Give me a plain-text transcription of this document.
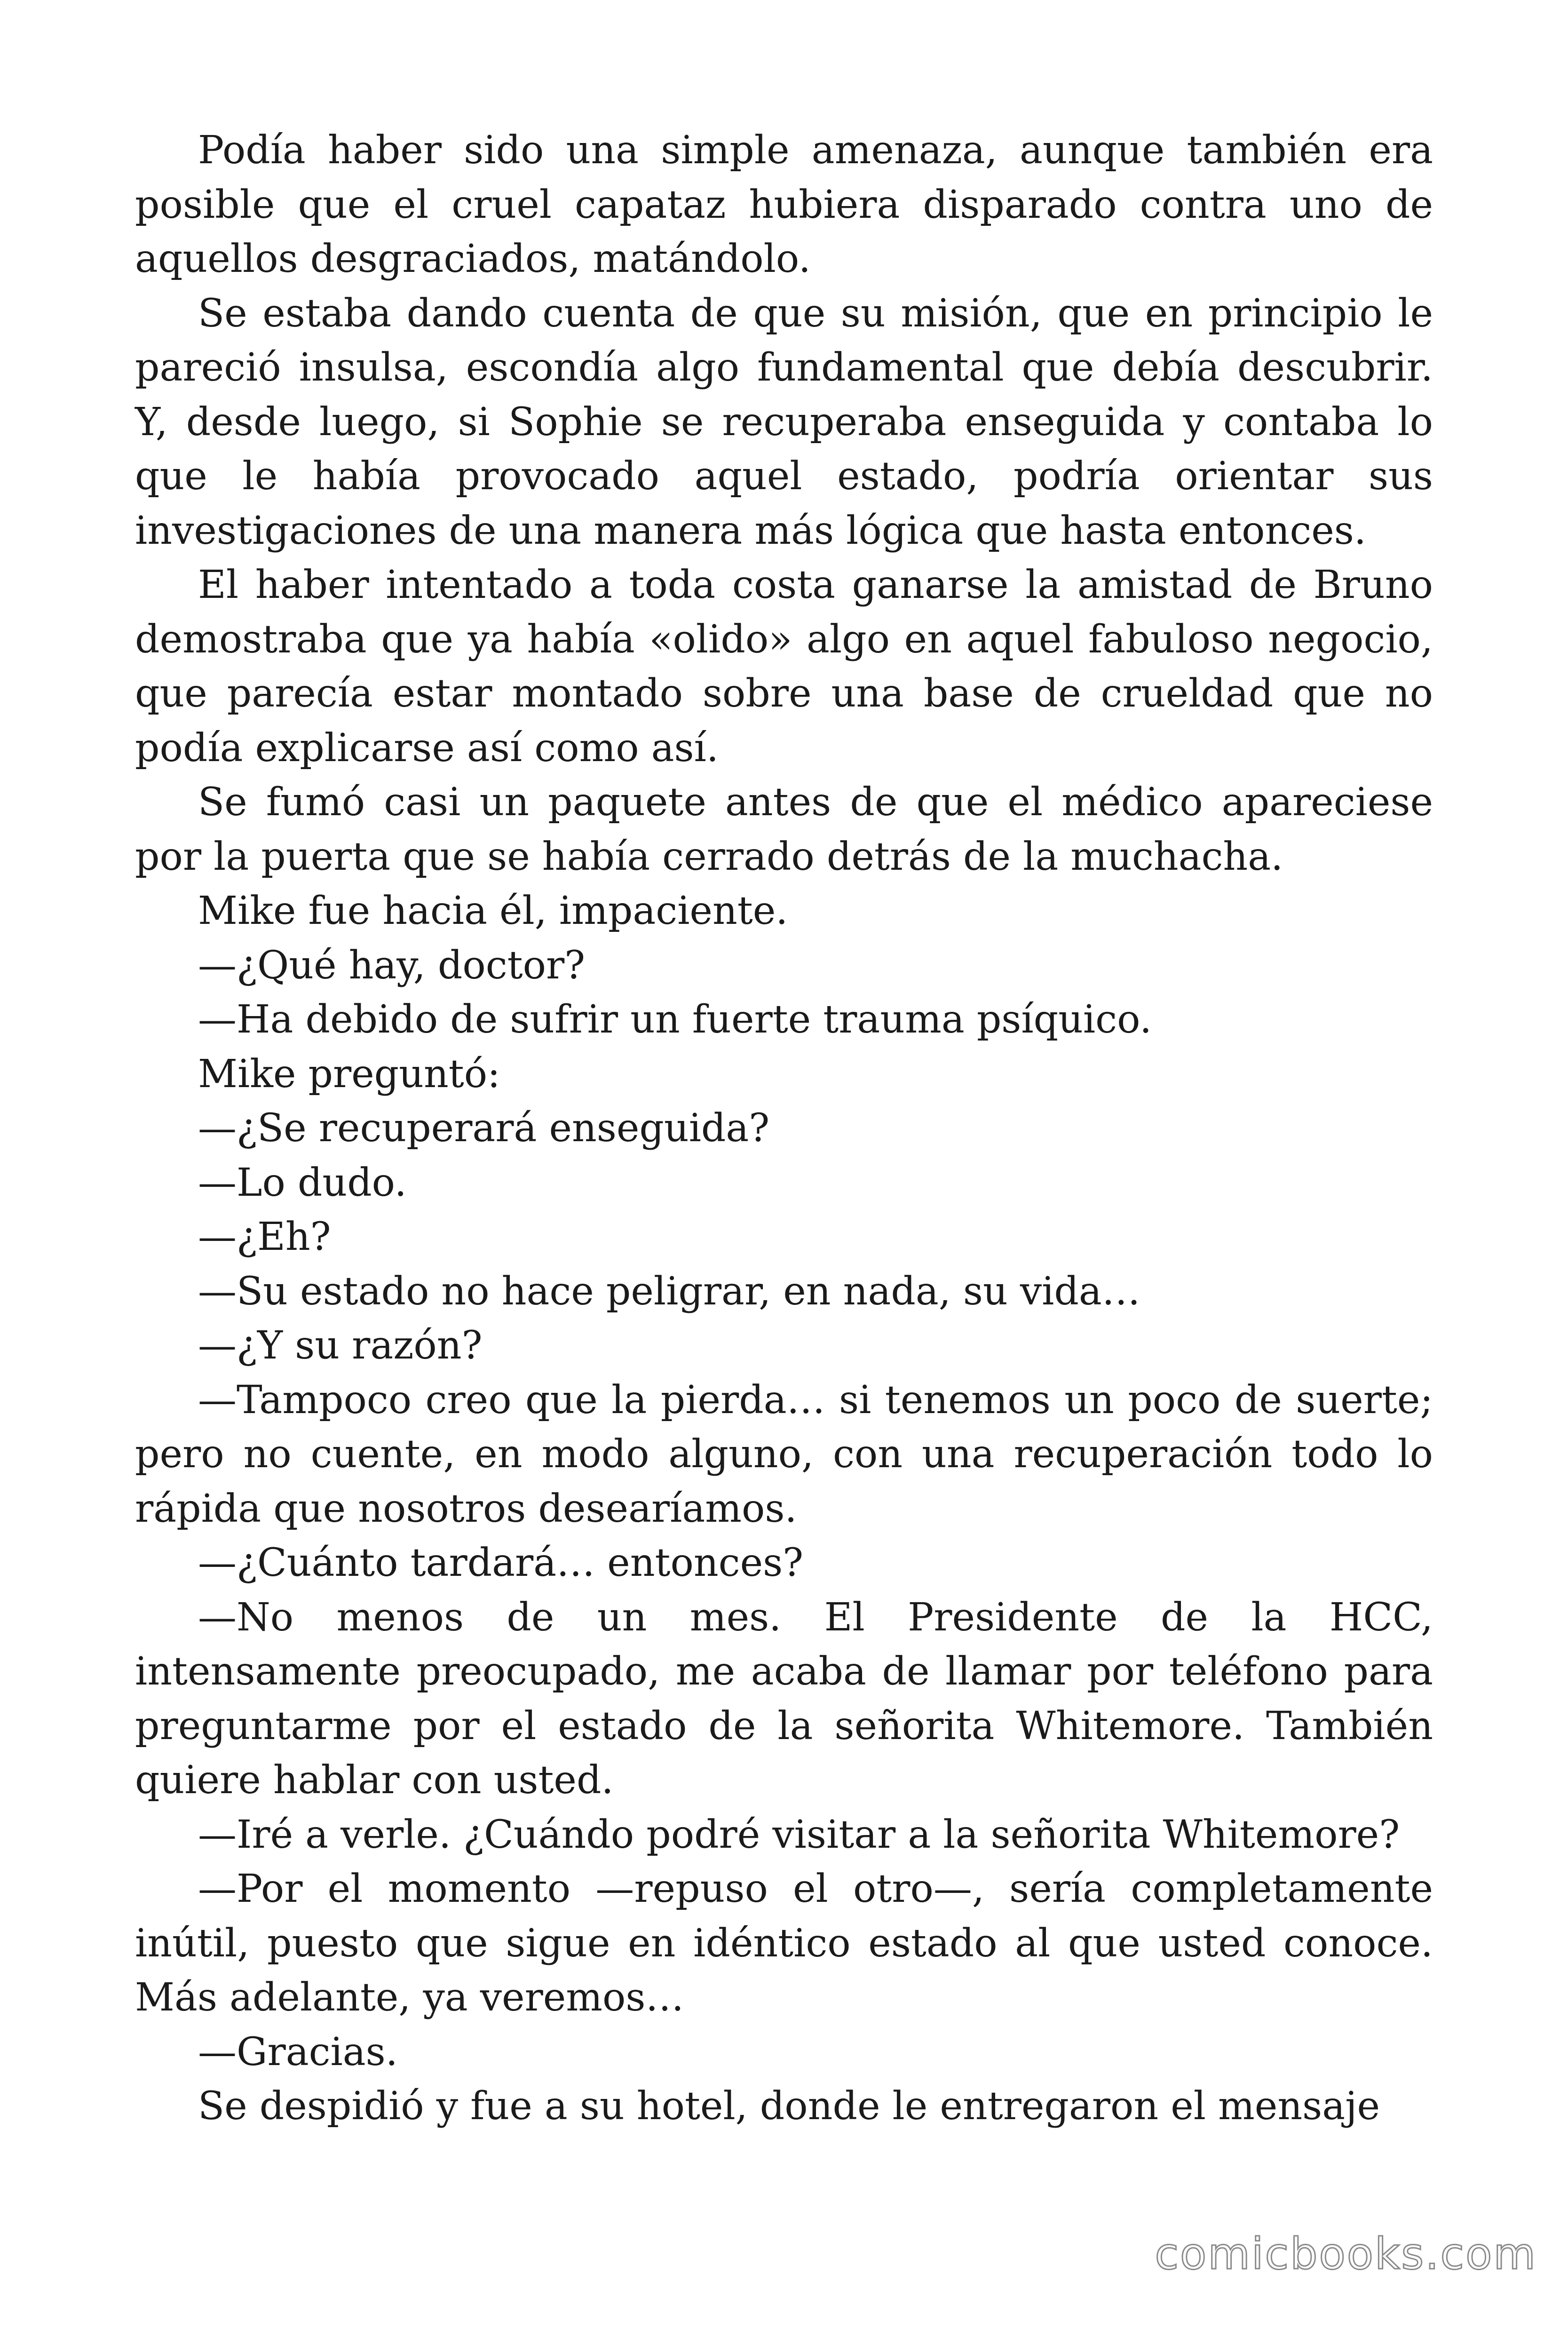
Podía haber sido una simple amenaza, aunque también era posible que el cruel capataz hubiera disparado contra uno de aquellos desgraciados, matándolo.

Se estaba dando cuenta de que su misión, que en principio le pareció insulsa, escondía algo fundamental que debía descubrir. Y, desde luego, si Sophie se recuperaba enseguida y contaba lo que le había provocado aquel estado, podría orientar sus investigaciones de una manera más lógica que hasta entonces.

El haber intentado a toda costa ganarse la amistad de Bruno demostraba que ya había «olido» algo en aquel fabuloso negocio, que parecía estar montado sobre una base de crueldad que no podía explicarse así como así.

Se fumó casi un paquete antes de que el médico apareciese por la puerta que se había cerrado detrás de la muchacha.

Mike fue hacia él, impaciente.

—¿Qué hay, doctor?

—Ha debido de sufrir un fuerte trauma psíquico.

Mike preguntó:

—¿Se recuperará enseguida?

—Lo dudo.

—¿Eh?

—Su estado no hace peligrar, en nada, su vida…

—¿Y su razón?

—Tampoco creo que la pierda… si tenemos un poco de suerte; pero no cuente, en modo alguno, con una recuperación todo lo rápida que nosotros desearíamos.

—¿Cuánto tardará… entonces?

—No menos de un mes. El Presidente de la HCC, intensamente preocupado, me acaba de llamar por teléfono para preguntarme por el estado de la señorita Whitemore. También quiere hablar con usted.

—Iré a verle. ¿Cuándo podré visitar a la señorita Whitemore?

—Por el momento —repuso el otro—, sería completamente inútil, puesto que sigue en idéntico estado al que usted conoce. Más adelante, ya veremos…

—Gracias.

Se despidió y fue a su hotel, donde le entregaron el mensaje

comicbooks.com
